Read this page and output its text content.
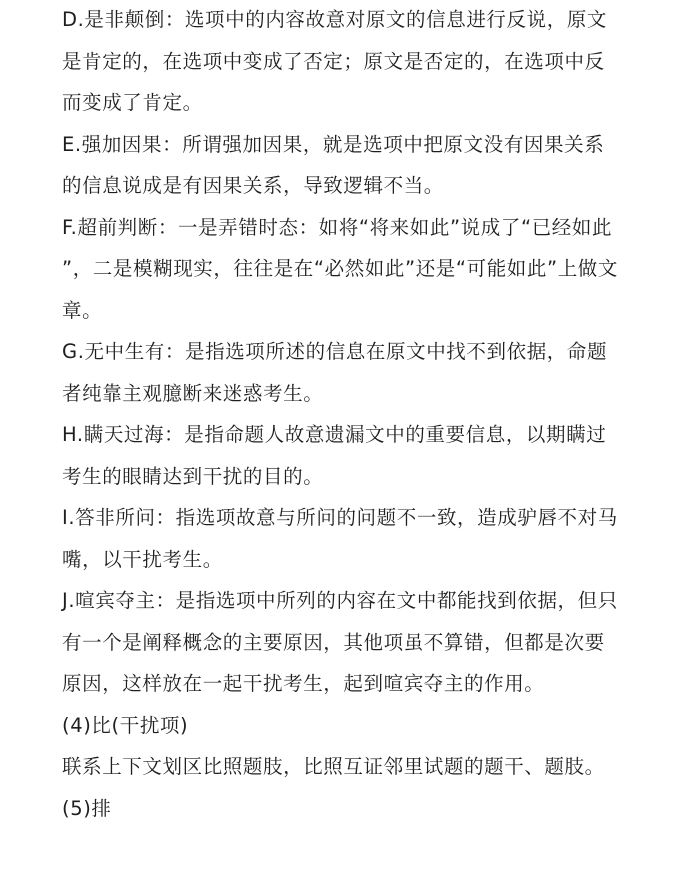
D.是非颠倒：选项中的内容故意对原文的信息进行反说，原文是肯定的，在选项中变成了否定；原文是否定的，在选项中反而变成了肯定。

E.强加因果：所谓强加因果，就是选项中把原文没有因果关系的信息说成是有因果关系，导致逻辑不当。

F.超前判断：一是弄错时态：如将“将来如此”说成了“已经如此”，二是模糊现实，往往是在“必然如此”还是“可能如此”上做文章。

G.无中生有：是指选项所述的信息在原文中找不到依据，命题者纯靠主观臆断来迷惑考生。

H.瞒天过海：是指命题人故意遗漏文中的重要信息，以期瞒过考生的眼睛达到干扰的目的。

I.答非所问：指选项故意与所问的问题不一致，造成驴唇不对马嘴，以干扰考生。

J.喧宾夺主：是指选项中所列的内容在文中都能找到依据，但只有一个是阐释概念的主要原因，其他项虽不算错，但都是次要原因，这样放在一起干扰考生，起到喧宾夺主的作用。

(4)比(干扰项)

联系上下文划区比照题肢，比照互证邻里试题的题干、题肢。

(5)排
